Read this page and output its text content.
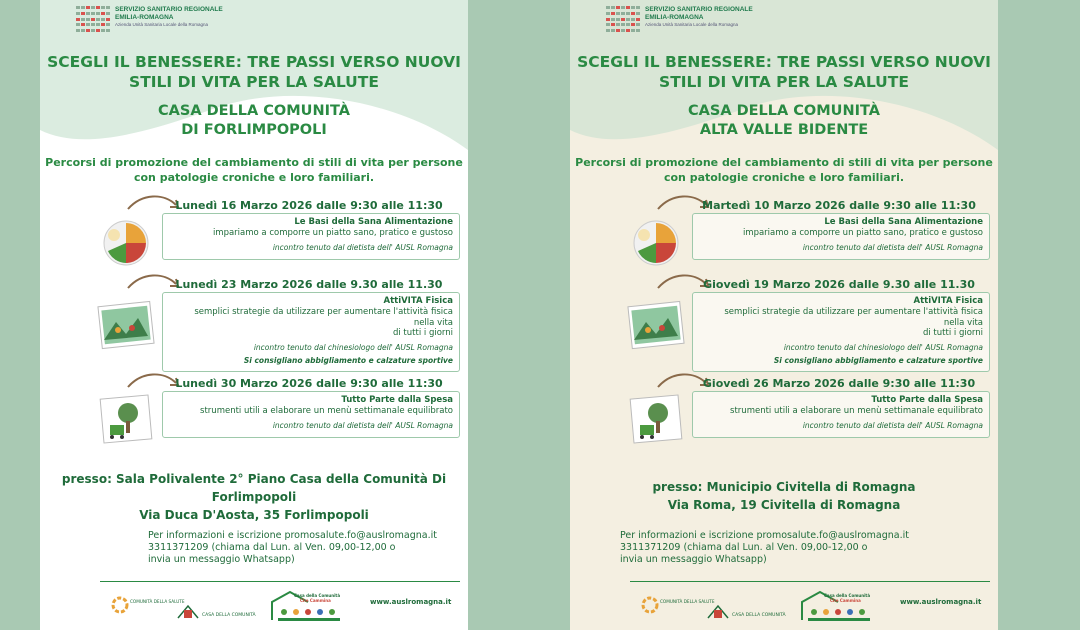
SERVIZIO SANITARIO REGIONALE
EMILIA-ROMAGNA
Azienda Unità Sanitaria Locale della Romagna
SCEGLI IL BENESSERE: TRE PASSI VERSO NUOVI
STILI DI VITA PER LA SALUTE
CASA DELLA COMUNITÀ
DI FORLIMPOPOLI
Percorsi di promozione del cambiamento di stili di vita per persone
con patologie croniche e loro familiari.
Lunedì 16 Marzo 2026 dalle 9:30 alle 11:30
Le Basi della Sana Alimentazione
impariamo a comporre un piatto sano, pratico e gustoso
incontro tenuto dal dietista dell' AUSL Romagna
Lunedì 23 Marzo 2026 dalle 9.30 alle 11.30
AttiVITA Fisica
semplici strategie da utilizzare per aumentare l'attività fisica nella vita
di tutti i giorni
incontro tenuto dal chinesiologo dell' AUSL Romagna
Si consigliano abbigliamento e calzature sportive
Lunedì 30 Marzo 2026 dalle 9:30 alle 11:30
Tutto Parte dalla Spesa
strumenti utili a elaborare un menù settimanale equilibrato
incontro tenuto dal dietista dell' AUSL Romagna
presso: Sala Polivalente 2° Piano Casa della Comunità Di
Forlimpopoli
Via Duca D'Aosta, 35 Forlimpopoli
Per informazioni e iscrizione promosalute.fo@auslromagna.it
3311371209 (chiama dal Lun. al Ven. 09,00-12,00 o
invia un messaggio Whatsapp)
COMUNITÀ DELLA SALUTE
CASA DELLA COMUNITÀ
Casa della Comunità
Che Cammina	www.auslromagna.it
SERVIZIO SANITARIO REGIONALE
EMILIA-ROMAGNA
Azienda Unità Sanitaria Locale della Romagna
SCEGLI IL BENESSERE: TRE PASSI VERSO NUOVI
STILI DI VITA PER LA SALUTE
CASA DELLA COMUNITÀ
ALTA VALLE BIDENTE
Percorsi di promozione del cambiamento di stili di vita per persone
con patologie croniche e loro familiari.
Martedì 10 Marzo 2026 dalle 9:30 alle 11:30
Le Basi della Sana Alimentazione
impariamo a comporre un piatto sano, pratico e gustoso
incontro tenuto dal dietista dell' AUSL Romagna
Giovedì 19 Marzo 2026 dalle 9.30 alle 11.30
AttiVITA Fisica
semplici strategie da utilizzare per aumentare l'attività fisica nella vita
di tutti i giorni
incontro tenuto dal chinesiologo dell' AUSL Romagna
Si consigliano abbigliamento e calzature sportive
Giovedì 26 Marzo 2026 dalle 9:30 alle 11:30
Tutto Parte dalla Spesa
strumenti utili a elaborare un menù settimanale equilibrato
incontro tenuto dal dietista dell' AUSL Romagna
presso: Municipio Civitella di Romagna
Via Roma, 19 Civitella di Romagna
Per informazioni e iscrizione promosalute.fo@auslromagna.it
3311371209 (chiama dal Lun. al Ven. 09,00-12,00 o
invia un messaggio Whatsapp)
COMUNITÀ DELLA SALUTE
CASA DELLA COMUNITÀ
Casa della Comunità
Che Cammina	www.auslromagna.it
